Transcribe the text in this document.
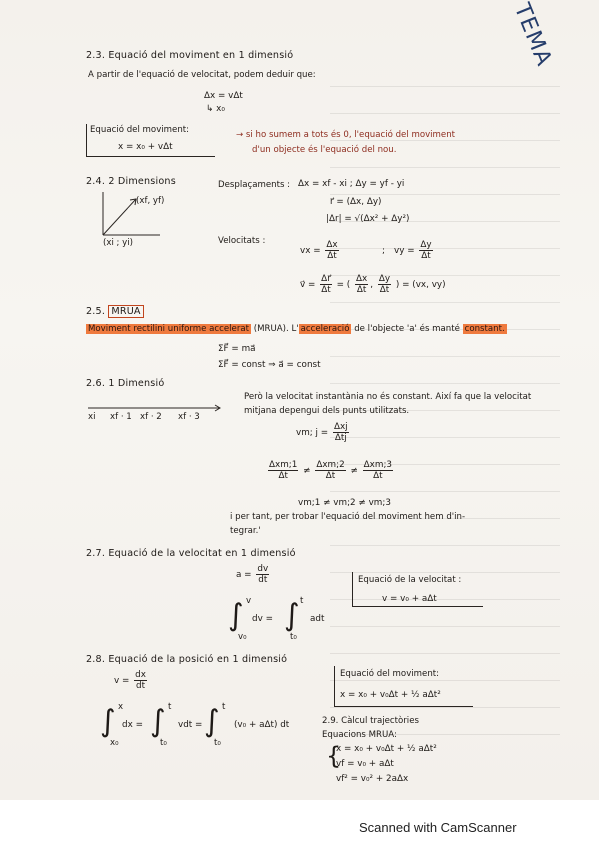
TEMA
2.3. Equació del moviment en 1 dimensió
A partir de l'equació de velocitat, podem deduir que:
Δx = vΔt
↳ x₀
Equació del moviment:
x = x₀ + vΔt
→ si ho sumem a tots és 0, l'equació del moviment
d'un objecte és l'equació del nou.
2.4. 2 Dimensions
(xf, yf)
(xi ; yi)
Desplaçaments : Δx = xf - xi ; Δy = yf - yi
r⃗ = (Δx, Δy)
|Δr| = √(Δx² + Δy²)
Velocitats :
vx = $\frac{\Delta x}{\Delta t}$	; vy = $\frac{\Delta y}{\Delta t}$
v⃗ = $\frac{\Delta r⃗}{\Delta t}$ = ( $\frac{\Delta x}{\Delta t}$ , $\frac{\Delta y}{\Delta t}$ ) = (vx, vy)
2.5. MRUA
Moviment rectilini uniforme accelerat (MRUA). L' acceleració de l'objecte 'a' és manté constant.
ΣF⃗ = ma⃗
ΣF⃗ = const ⇒ a⃗ = const
2.6. 1 Dimensió
xi xf · 1 xf · 2 xf · 3
Però la velocitat instantània no és constant. Així fa que la velocitat
mitjana depengui dels punts utilitzats.
vm; $j = \frac{\text{Δxj}}{\text{Δtj}}$
$\frac{\text{Δxm;1}}{\Delta t} \ne \frac{\text{Δxm;2}}{\Delta t} \ne \frac{\text{Δxm;3}}{\Delta t}$
vm;1 ≠ vm;2 ≠ vm;3
i per tant, per trobar l'equació del moviment hem d'in-
tegrar.'
2.7. Equació de la velocitat en 1 dimensió
$a = \frac{dv}{dt}$
∫ v
v₀
dv = ∫ t
t₀
adt
Equació de la velocitat :
v = v₀ + aΔt
2.8. Equació de la posició en 1 dimensió
$v = \frac{dx}{dt}$
∫ x
x₀
dx = ∫ t
t₀
vdt = ∫ t
t₀
(v₀ + aΔt) dt
Equació del moviment:
x = x₀ + v₀Δt + ½ aΔt²
2.9. Càlcul trajectòries
Equacions MRUA:
{
x = x₀ + v₀Δt + ½ aΔt²
vf = v₀ + aΔt
vf² = v₀² + 2aΔx
Scanned with CamScanner
